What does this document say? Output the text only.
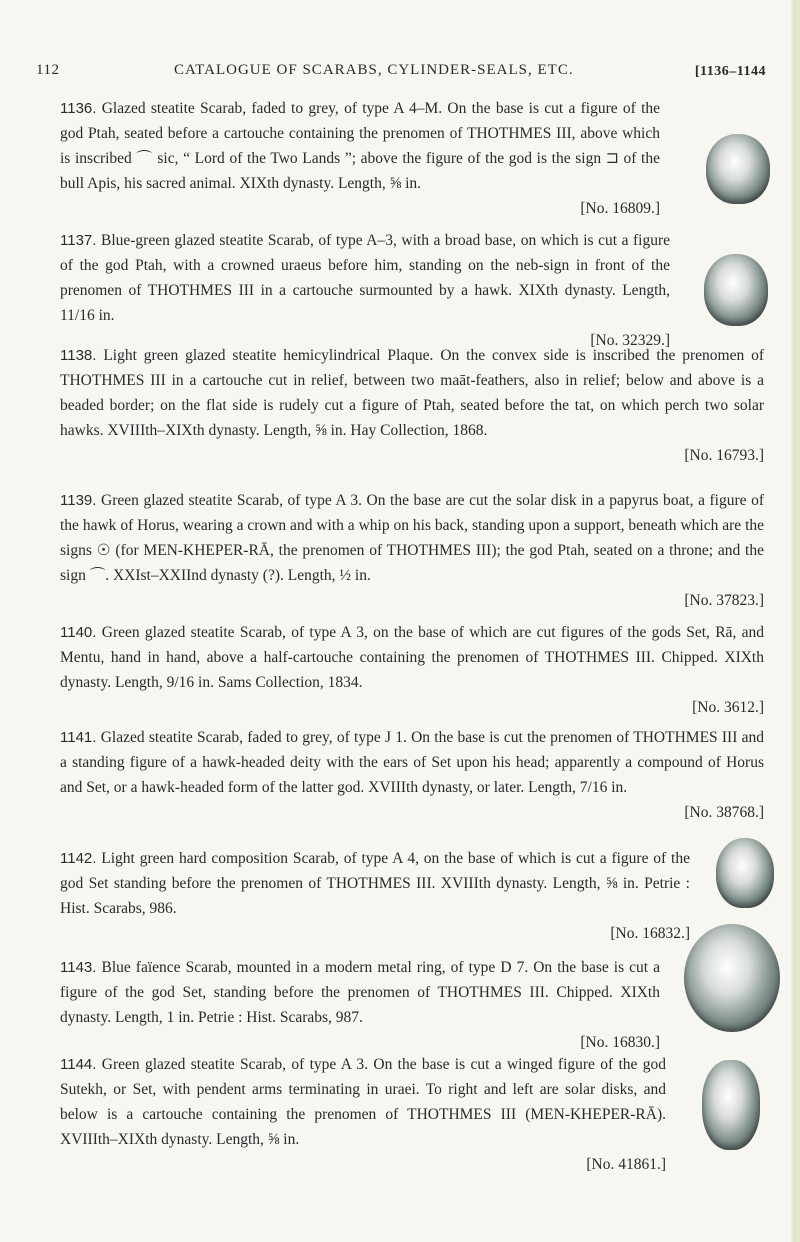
112	CATALOGUE OF SCARABS, CYLINDER-SEALS, ETC.	[1136–1144
1136. Glazed steatite Scarab, faded to grey, of type A 4–M. On the base is cut a figure of the god Ptah, seated before a cartouche containing the prenomen of THOTHMES III, above which is inscribed ⌒ sic, “ Lord of the Two Lands ”; above the figure of the god is the sign ⊐ of the bull Apis, his sacred animal. XIXth dynasty. Length, ⅝ in.
[No. 16809.]
1137. Blue-green glazed steatite Scarab, of type A–3, with a broad base, on which is cut a figure of the god Ptah, with a crowned uraeus before him, standing on the neb-sign in front of the prenomen of THOTHMES III in a cartouche surmounted by a hawk. XIXth dynasty. Length, 11/16 in.
[No. 32329.]
1138. Light green glazed steatite hemicylindrical Plaque. On the convex side is inscribed the prenomen of THOTHMES III in a cartouche cut in relief, between two maāt-feathers, also in relief; below and above is a beaded border; on the flat side is rudely cut a figure of Ptah, seated before the tat, on which perch two solar hawks. XVIIIth–XIXth dynasty. Length, ⅝ in. Hay Collection, 1868.
[No. 16793.]
1139. Green glazed steatite Scarab, of type A 3. On the base are cut the solar disk in a papyrus boat, a figure of the hawk of Horus, wearing a crown and with a whip on his back, standing upon a support, beneath which are the signs ☉ (for MEN-KHEPER-RĀ, the prenomen of THOTHMES III); the god Ptah, seated on a throne; and the sign ⌒. XXIst–XXIInd dynasty (?). Length, ½ in.
[No. 37823.]
1140. Green glazed steatite Scarab, of type A 3, on the base of which are cut figures of the gods Set, Rā, and Mentu, hand in hand, above a half-cartouche containing the prenomen of THOTHMES III. Chipped. XIXth dynasty. Length, 9/16 in. Sams Collection, 1834.
[No. 3612.]
1141. Glazed steatite Scarab, faded to grey, of type J 1. On the base is cut the prenomen of THOTHMES III and a standing figure of a hawk-headed deity with the ears of Set upon his head; apparently a compound of Horus and Set, or a hawk-headed form of the latter god. XVIIIth dynasty, or later. Length, 7/16 in.
[No. 38768.]
1142. Light green hard composition Scarab, of type A 4, on the base of which is cut a figure of the god Set standing before the prenomen of THOTHMES III. XVIIIth dynasty. Length, ⅝ in. Petrie : Hist. Scarabs, 986.
[No. 16832.]
1143. Blue faïence Scarab, mounted in a modern metal ring, of type D 7. On the base is cut a figure of the god Set, standing before the prenomen of THOTHMES III. Chipped. XIXth dynasty. Length, 1 in. Petrie : Hist. Scarabs, 987.
[No. 16830.]
1144. Green glazed steatite Scarab, of type A 3. On the base is cut a winged figure of the god Sutekh, or Set, with pendent arms terminating in uraei. To right and left are solar disks, and below is a cartouche containing the prenomen of THOTHMES III (MEN-KHEPER-RĀ). XVIIIth–XIXth dynasty. Length, ⅝ in.
[No. 41861.]
